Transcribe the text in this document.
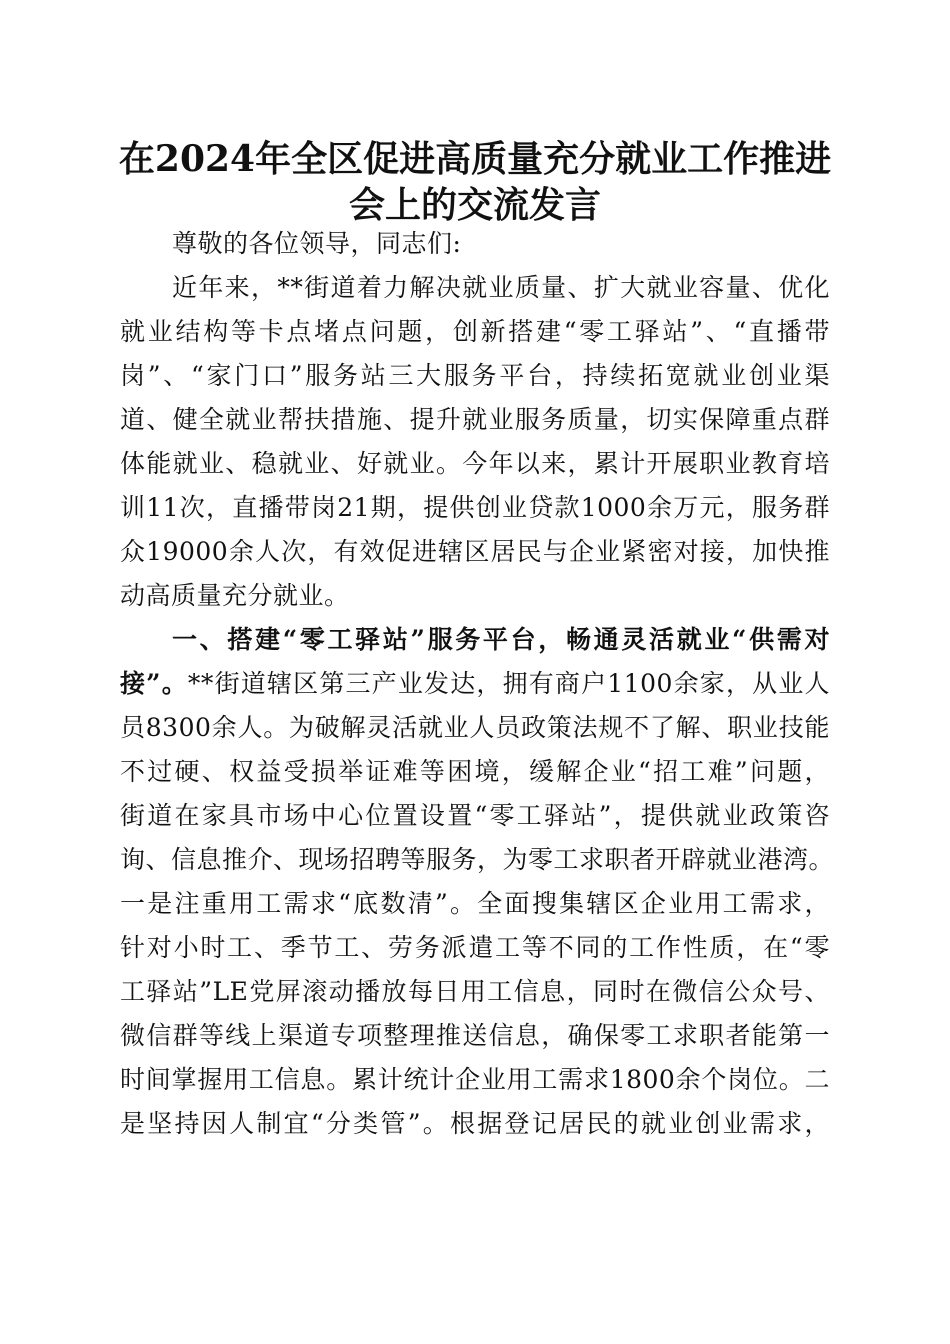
在2024年全区促进高质量充分就业工作推进
会上的交流发言
尊敬的各位领导，同志们:
近年来，**街道着力解决就业质量、扩大就业容量、优化
就业结构等卡点堵点问题，创新搭建“零工驿站”、“直播带
岗”、“家门口”服务站三大服务平台，持续拓宽就业创业渠
道、健全就业帮扶措施、提升就业服务质量，切实保障重点群
体能就业、稳就业、好就业。今年以来，累计开展职业教育培
训11次，直播带岗21期，提供创业贷款1000余万元，服务群
众19000余人次，有效促进辖区居民与企业紧密对接，加快推
动高质量充分就业。
一、搭建“零工驿站”服务平台，畅通灵活就业“供需对
接”。**街道辖区第三产业发达，拥有商户1100余家，从业人
员8300余人。为破解灵活就业人员政策法规不了解、职业技能
不过硬、权益受损举证难等困境，缓解企业“招工难”问题，
街道在家具市场中心位置设置“零工驿站”，提供就业政策咨
询、信息推介、现场招聘等服务，为零工求职者开辟就业港湾。
一是注重用工需求“底数清”。全面搜集辖区企业用工需求，
针对小时工、季节工、劳务派遣工等不同的工作性质，在“零
工驿站”LE党屏滚动播放每日用工信息，同时在微信公众号、
微信群等线上渠道专项整理推送信息，确保零工求职者能第一
时间掌握用工信息。累计统计企业用工需求1800余个岗位。二
是坚持因人制宜“分类管”。根据登记居民的就业创业需求，
